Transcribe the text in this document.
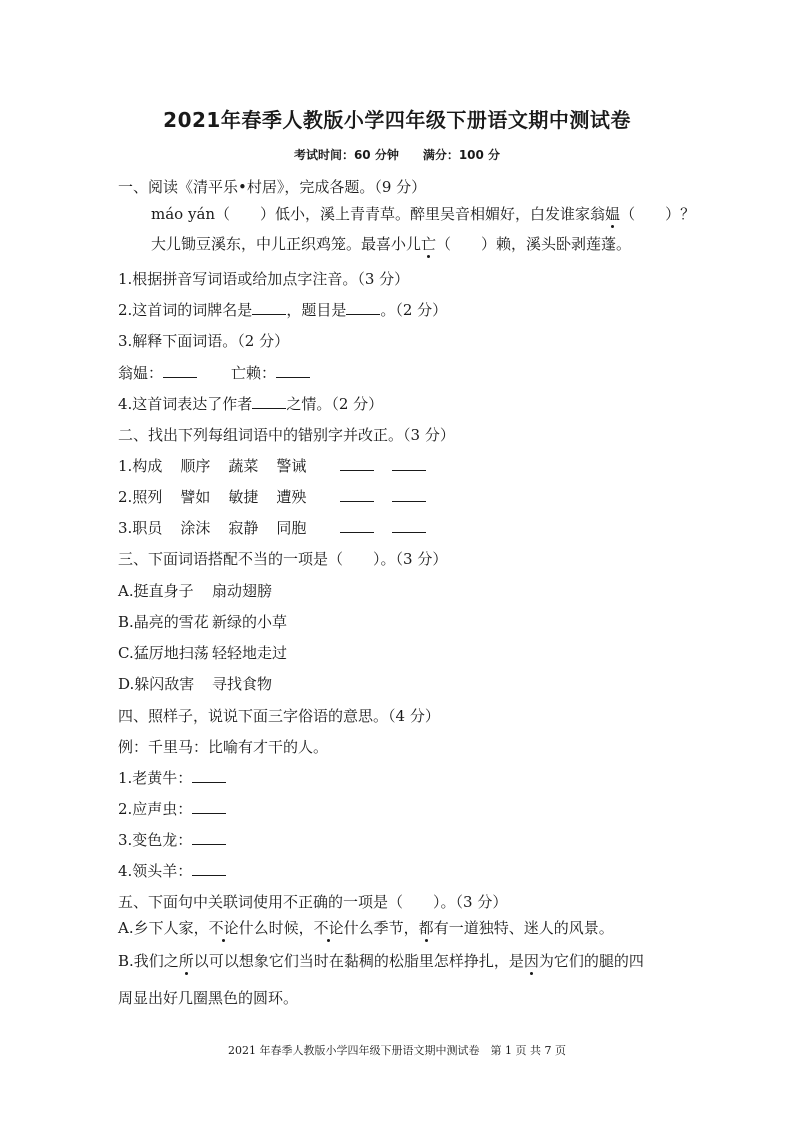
2021年春季人教版小学四年级下册语文期中测试卷
考试时间：60 分钟 满分：100 分
一、阅读《清平乐•村居》，完成各题。（9 分）
máo yán（　　）低小，溪上青青草。醉里吴音相媚好，白发谁家翁媪（　　）？
大儿锄豆溪东，中儿正织鸡笼。最喜小儿亡（　　）赖，溪头卧剥莲蓬。
1.根据拼音写词语或给加点字注音。（3 分）
2.这首词的词牌名是 ，题目是 。（2 分）
3.解释下面词语。（2 分）
翁媪：	亡赖：
4.这首词表达了作者 之情。（2 分）
二、找出下列每组词语中的错别字并改正。（3 分）
1.构成 顺序 蔬菜 警诫
2.照列 譬如 敏捷 遭殃
3.职员 涂沫 寂静 同胞
三、下面词语搭配不当的一项是（　　）。（3 分）
A.挺直身子 扇动翅膀
B.晶亮的雪花 新绿的小草
C.猛厉地扫荡 轻轻地走过
D.躲闪敌害 寻找食物
四、照样子，说说下面三字俗语的意思。（4 分）
例：千里马：比喻有才干的人。
1.老黄牛：
2.应声虫：
3.变色龙：
4.领头羊：
五、下面句中关联词使用不正确的一项是（　　）。（3 分）
A.乡下人家，不论什么时候，不论什么季节，都有一道独特、迷人的风景。
B.我们之所以可以想象它们当时在黏稠的松脂里怎样挣扎，是因为它们的腿的四
周显出好几圈黑色的圆环。
2021 年春季人教版小学四年级下册语文期中测试卷　第 1 页 共 7 页
